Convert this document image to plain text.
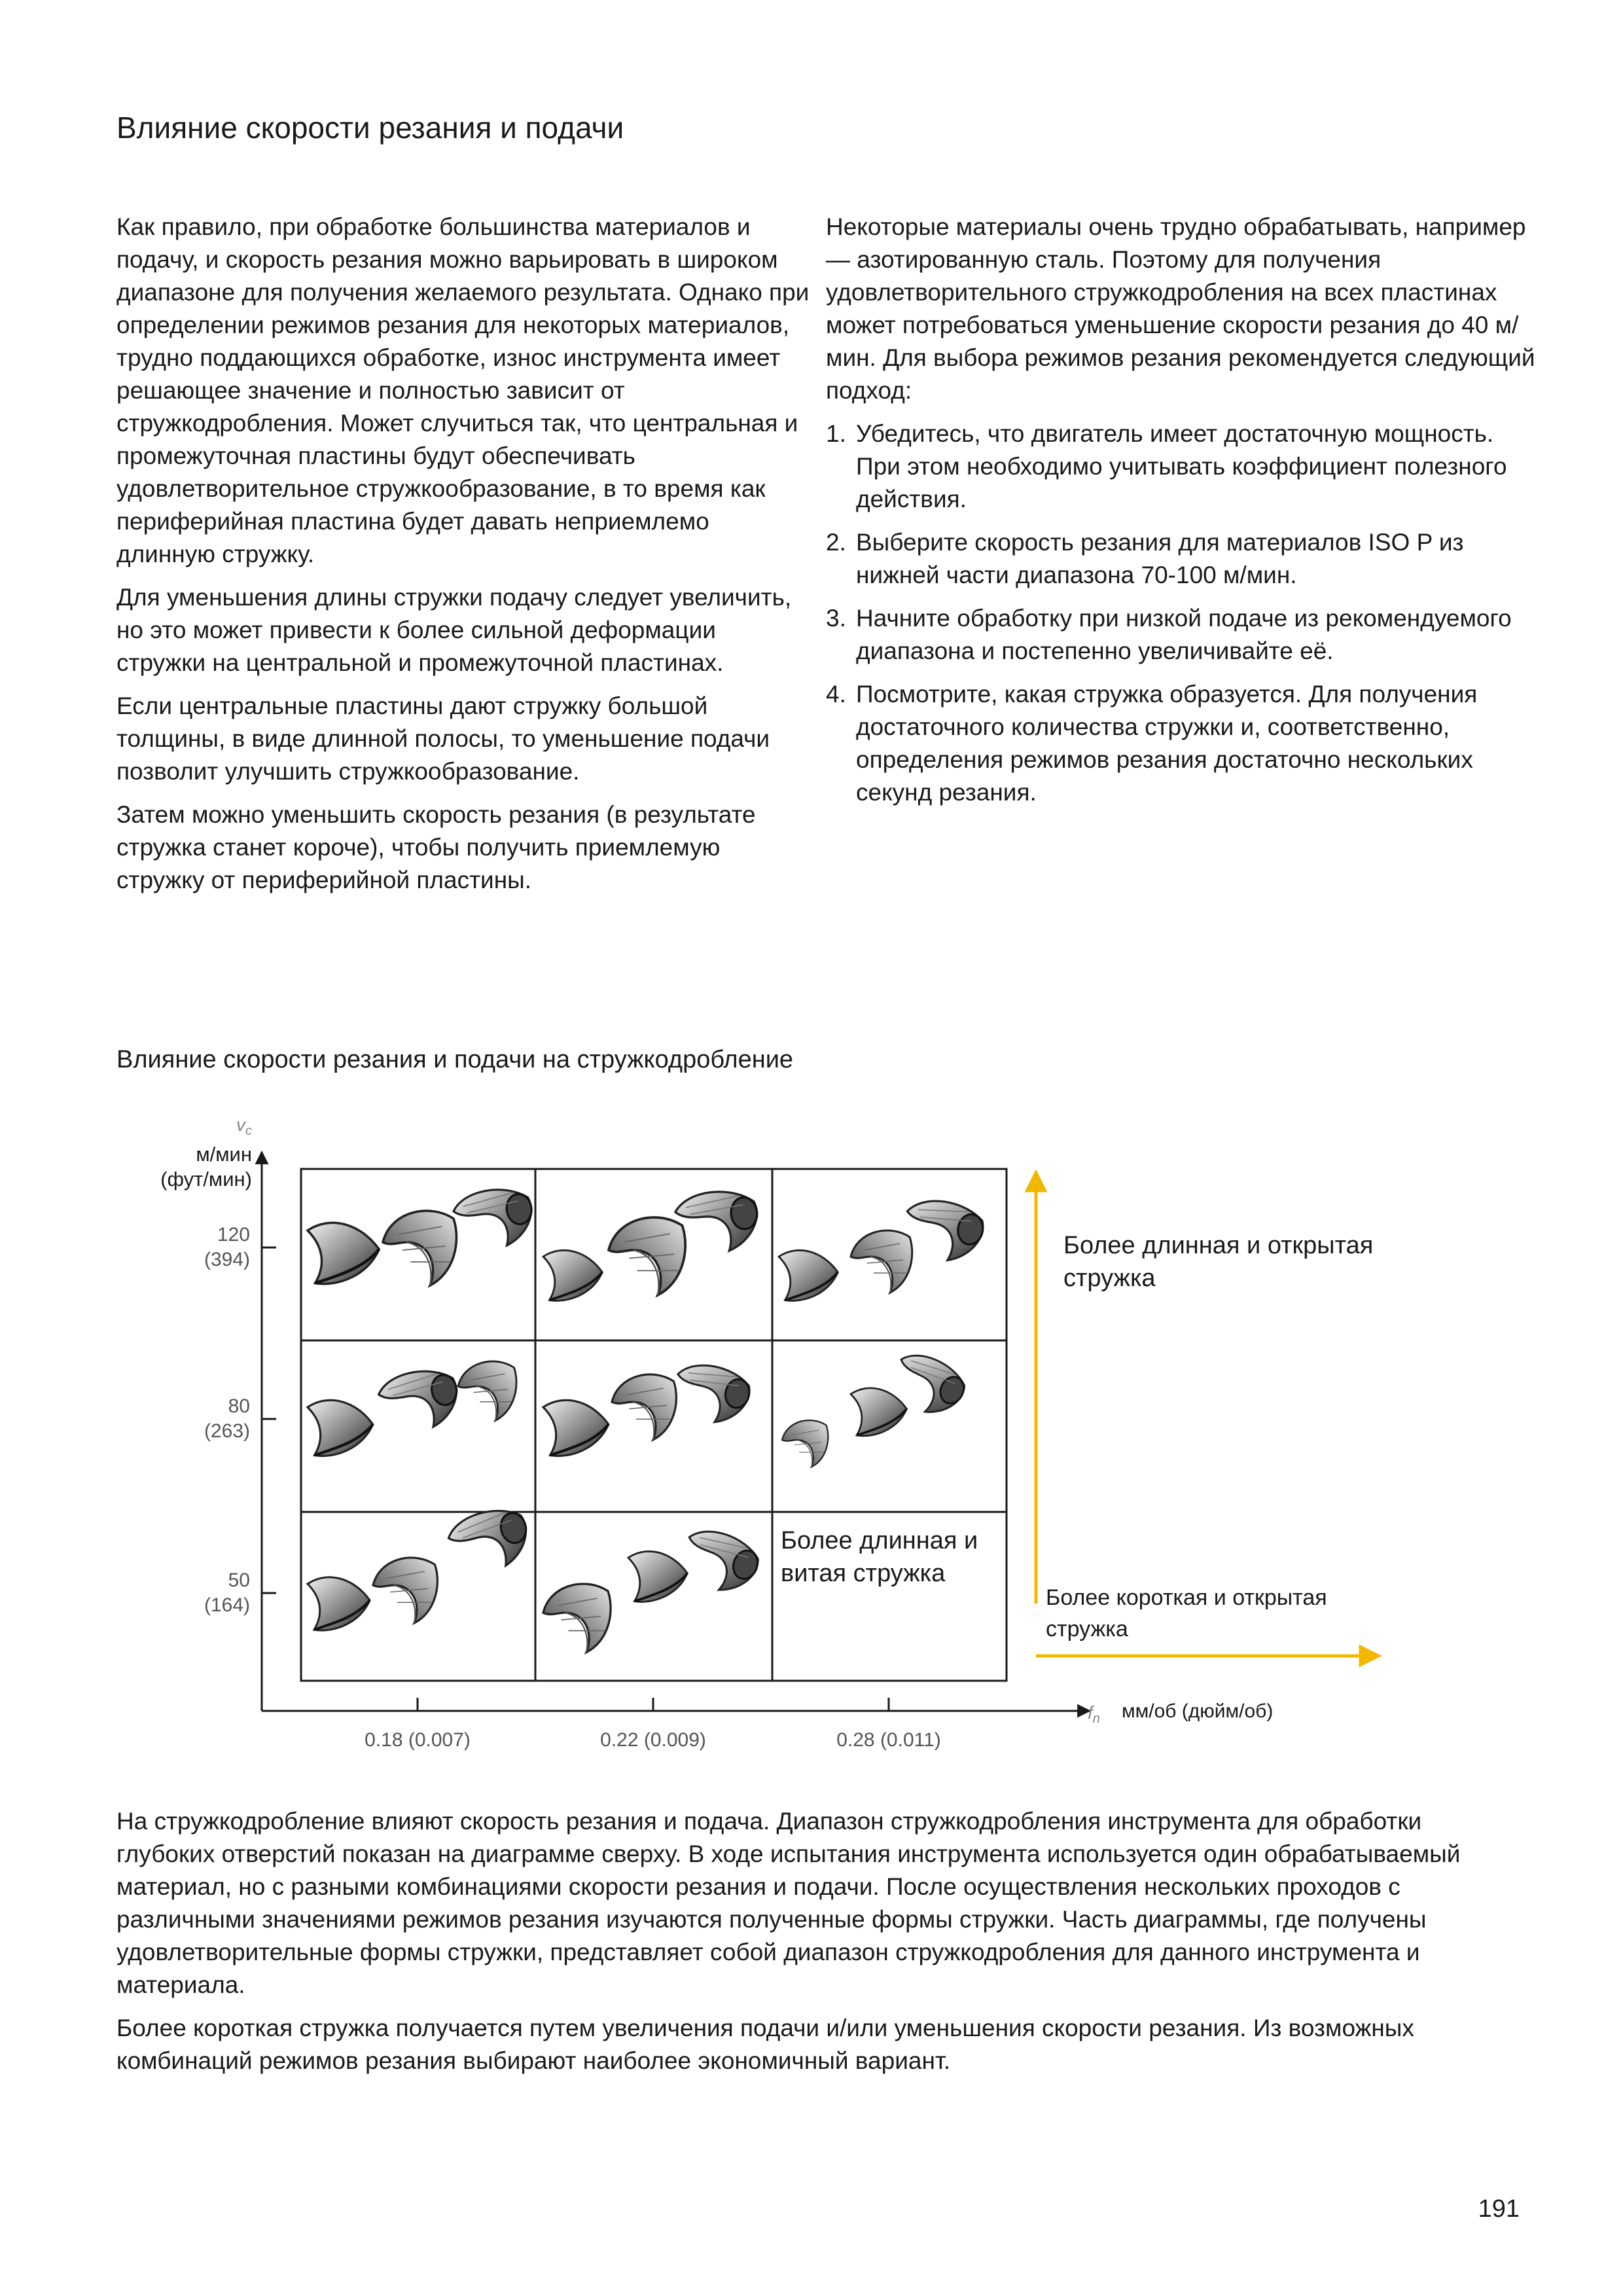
Влияние скорости резания и подачи

Как правило, при обработке большинства материалов и подачу, и скорость резания можно варьировать в широком диапазоне для получения желаемого результата. Однако при определении режимов резания для некоторых материалов, трудно поддающихся обработке, износ инструмента имеет решающее значение и полностью зависит от стружкодробления. Может случиться так, что центральная и промежуточная пластины будут обеспечивать удовлетворительное стружкообразование, в то время как периферийная пластина будет давать неприемлемо длинную стружку.

Для уменьшения длины стружки подачу следует увеличить, но это может привести к более сильной деформации стружки на центральной и промежуточной пластинах.

Если центральные пластины дают стружку большой толщины, в виде длинной полосы, то уменьшение подачи позволит улучшить стружкообразование.

Затем можно уменьшить скорость резания (в результате стружка станет короче), чтобы получить приемлемую стружку от периферийной пластины.

Некоторые материалы очень трудно обрабатывать, например — азотированную сталь. Поэтому для получения удовлетворительного стружкодробления на всех пластинах может потребоваться уменьшение скорости резания до 40 м/мин. Для выбора режимов резания рекомендуется следующий подход:

1. Убедитесь, что двигатель имеет достаточную мощность. При этом необходимо учитывать коэффициент полезного действия.
2. Выберите скорость резания для материалов ISO P из нижней части диапазона 70-100 м/мин.
3. Начните обработку при низкой подаче из рекомендуемого диапазона и постепенно увеличивайте её.
4. Посмотрите, какая стружка образуется. Для получения достаточного количества стружки и, соответственно, определения режимов резания достаточно нескольких секунд резания.

Влияние скорости резания и подачи на стружкодробление

$v_c$
м/мин
(фут/мин)
120
(394)
80
(263)
50
(164)
0.18 (0.007)	0.22 (0.009)	0.28 (0.011)
$f_n$ мм/об (дюйм/об)
Более длинная и открытая
стружка
Более короткая и открытая
стружка
Более длинная и
витая стружка

На стружкодробление влияют скорость резания и подача. Диапазон стружкодробления инструмента для обработки глубоких отверстий показан на диаграмме сверху. В ходе испытания инструмента используется один обрабатываемый материал, но с разными комбинациями скорости резания и подачи. После осуществления нескольких проходов с различными значениями режимов резания изучаются полученные формы стружки. Часть диаграммы, где получены удовлетворительные формы стружки, представляет собой диапазон стружкодробления для данного инструмента и материала.

Более короткая стружка получается путем увеличения подачи и/или уменьшения скорости резания. Из возможных комбинаций режимов резания выбирают наиболее экономичный вариант.

191
